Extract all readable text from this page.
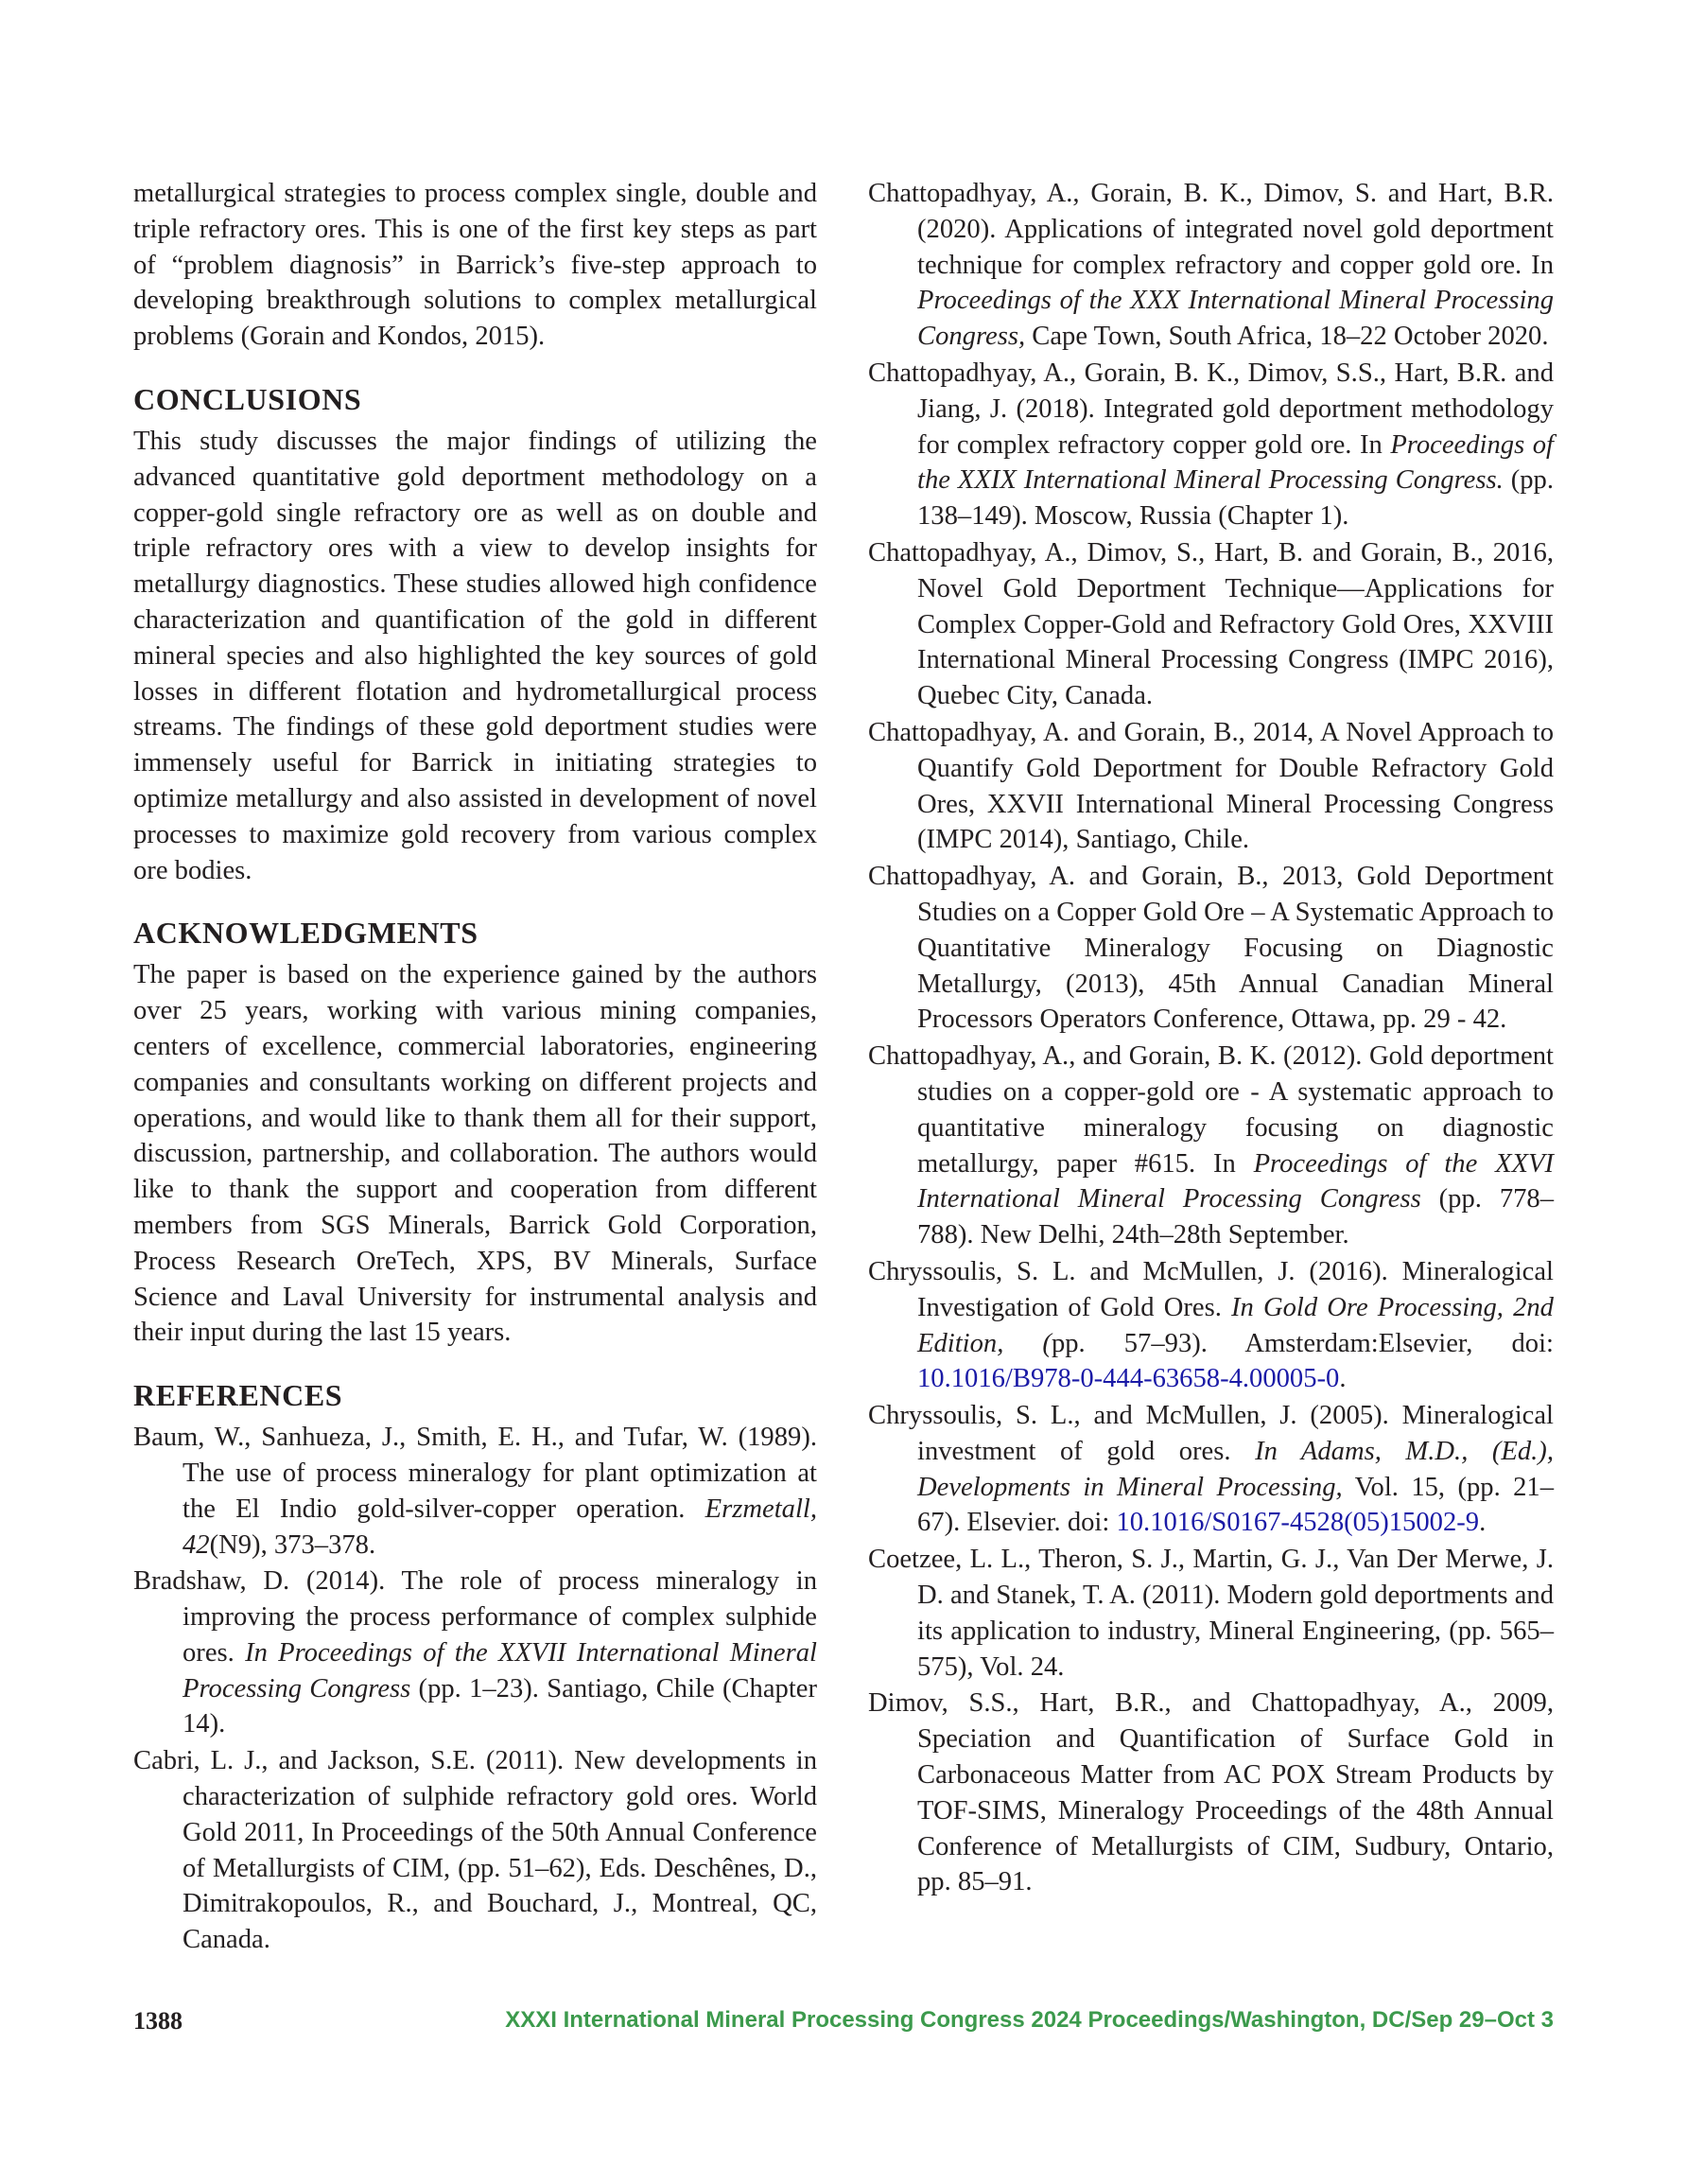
metallurgical strategies to process complex single, double and triple refractory ores. This is one of the first key steps as part of “problem diagnosis” in Barrick’s five-step approach to developing breakthrough solutions to complex metallurgical problems (Gorain and Kondos, 2015).

CONCLUSIONS

This study discusses the major findings of utilizing the advanced quantitative gold deportment methodology on a copper-gold single refractory ore as well as on double and triple refractory ores with a view to develop insights for metallurgy diagnostics. These studies allowed high confidence characterization and quantification of the gold in different mineral species and also highlighted the key sources of gold losses in different flotation and hydrometallurgical process streams. The findings of these gold deportment studies were immensely useful for Barrick in initiating strategies to optimize metallurgy and also assisted in development of novel processes to maximize gold recovery from various complex ore bodies.

ACKNOWLEDGMENTS

The paper is based on the experience gained by the authors over 25 years, working with various mining companies, centers of excellence, commercial laboratories, engineering companies and consultants working on different projects and operations, and would like to thank them all for their support, discussion, partnership, and collaboration. The authors would like to thank the support and cooperation from different members from SGS Minerals, Barrick Gold Corporation, Process Research OreTech, XPS, BV Minerals, Surface Science and Laval University for instrumental analysis and their input during the last 15 years.

REFERENCES

Baum, W., Sanhueza, J., Smith, E. H., and Tufar, W. (1989). The use of process mineralogy for plant optimization at the El Indio gold-silver-copper operation. Erzmetall, 42(N9), 373–378.

Bradshaw, D. (2014). The role of process mineralogy in improving the process performance of complex sulphide ores. In Proceedings of the XXVII International Mineral Processing Congress (pp. 1–23). Santiago, Chile (Chapter 14).

Cabri, L. J., and Jackson, S.E. (2011). New developments in characterization of sulphide refractory gold ores. World Gold 2011, In Proceedings of the 50th Annual Conference of Metallurgists of CIM, (pp. 51–62), Eds. Deschênes, D., Dimitrakopoulos, R., and Bouchard, J., Montreal, QC, Canada.

Chattopadhyay, A., Gorain, B. K., Dimov, S. and Hart, B.R. (2020). Applications of integrated novel gold deportment technique for complex refractory and copper gold ore. In Proceedings of the XXX International Mineral Processing Congress, Cape Town, South Africa, 18–22 October 2020.

Chattopadhyay, A., Gorain, B. K., Dimov, S.S., Hart, B.R. and Jiang, J. (2018). Integrated gold deportment methodology for complex refractory copper gold ore. In Proceedings of the XXIX International Mineral Processing Congress. (pp. 138–149). Moscow, Russia (Chapter 1).

Chattopadhyay, A., Dimov, S., Hart, B. and Gorain, B., 2016, Novel Gold Deportment Technique—Applications for Complex Copper-Gold and Refractory Gold Ores, XXVIII International Mineral Processing Congress (IMPC 2016), Quebec City, Canada.

Chattopadhyay, A. and Gorain, B., 2014, A Novel Approach to Quantify Gold Deportment for Double Refractory Gold Ores, XXVII International Mineral Processing Congress (IMPC 2014), Santiago, Chile.

Chattopadhyay, A. and Gorain, B., 2013, Gold Deportment Studies on a Copper Gold Ore – A Systematic Approach to Quantitative Mineralogy Focusing on Diagnostic Metallurgy, (2013), 45th Annual Canadian Mineral Processors Operators Conference, Ottawa, pp. 29 - 42.

Chattopadhyay, A., and Gorain, B. K. (2012). Gold deportment studies on a copper-gold ore - A systematic approach to quantitative mineralogy focusing on diagnostic metallurgy, paper #615. In Proceedings of the XXVI International Mineral Processing Congress (pp. 778–788). New Delhi, 24th–28th September.

Chryssoulis, S. L. and McMullen, J. (2016). Mineralogical Investigation of Gold Ores. In Gold Ore Processing, 2nd Edition, (pp. 57–93). Amsterdam:Elsevier, doi: 10.1016/B978-0-444-63658-4.00005-0.

Chryssoulis, S. L., and McMullen, J. (2005). Mineralogical investment of gold ores. In Adams, M.D., (Ed.), Developments in Mineral Processing, Vol. 15, (pp. 21–67). Elsevier. doi: 10.1016/S0167-4528(05)15002-9.

Coetzee, L. L., Theron, S. J., Martin, G. J., Van Der Merwe, J. D. and Stanek, T. A. (2011). Modern gold deportments and its application to industry, Mineral Engineering, (pp. 565–575), Vol. 24.

Dimov, S.S., Hart, B.R., and Chattopadhyay, A., 2009, Speciation and Quantification of Surface Gold in Carbonaceous Matter from AC POX Stream Products by TOF-SIMS, Mineralogy Proceedings of the 48th Annual Conference of Metallurgists of CIM, Sudbury, Ontario, pp. 85–91.

1388	XXXI International Mineral Processing Congress 2024 Proceedings/Washington, DC/Sep 29–Oct 3
